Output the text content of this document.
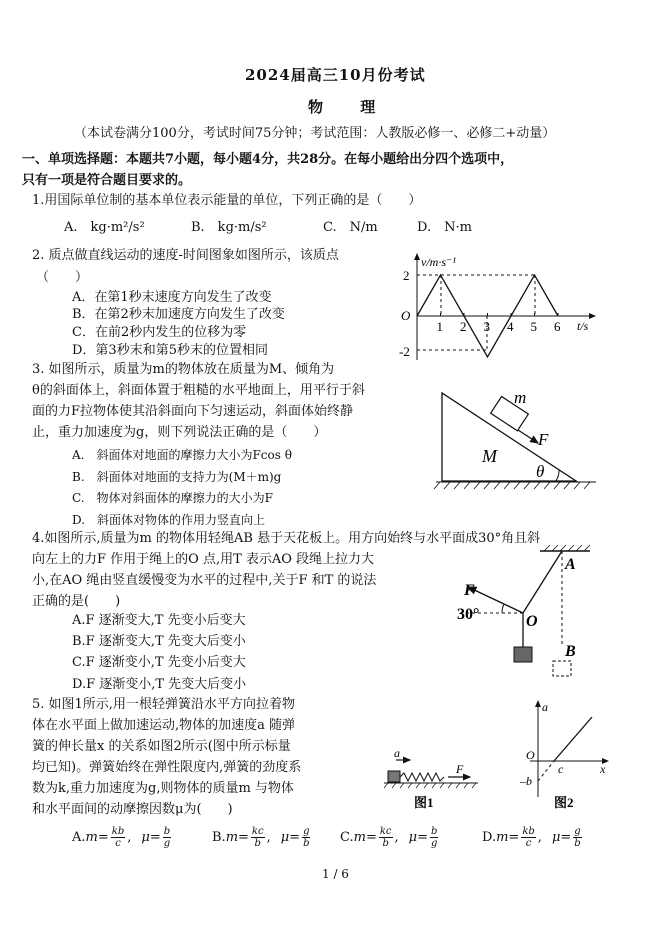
2024届高三10月份考试
物 理
（本试卷满分100分，考试时间75分钟；考试范围：人教版必修一、必修二+动量）
一、单项选择题：本题共7小题，每小题4分，共28分。在每小题给出分四个选项中，
只有一项是符合题目要求的。
1.用国际单位制的基本单位表示能量的单位，下列正确的是（　　）
A.　kg·m²/s²	B.　kg·m/s²	C.　N/m	D.　N·m
2. 质点做直线运动的速度-时间图象如图所示，该质点
（　　）
A．在第1秒末速度方向发生了改变
B．在第2秒末加速度方向发生了改变
C．在前2秒内发生的位移为零
D．第3秒末和第5秒末的位置相同
v/m·s⁻¹
t/s
O
2
-2
1 2 3 4 5 6
3. 如图所示，质量为m的物体放在质量为M、倾角为
θ的斜面体上，斜面体置于粗糙的水平地面上，用平行于斜
面的力F拉物体使其沿斜面向下匀速运动，斜面体始终静
止，重力加速度为g，则下列说法正确的是（　　）
A.　斜面体对地面的摩擦力大小为Fcos θ
B.　斜面体对地面的支持力为(M＋m)g
C.　物体对斜面体的摩擦力的大小为F
D.　斜面体对物体的作用力竖直向上
m
F
M
θ
4.如图所示,质量为m 的物体用轻绳AB 悬于天花板上。用方向始终与水平面成30°角且斜
向左上的力F 作用于绳上的O 点,用T 表示AO 段绳上拉力大
小,在AO 绳由竖直缓慢变为水平的过程中,关于F 和T 的说法
正确的是(　　)
A.F 逐渐变大,T 先变小后变大
B.F 逐渐变大,T 先变大后变小
C.F 逐渐变小,T 先变小后变大
D.F 逐渐变小,T 先变大后变小
F
30°	O
A
B
5. 如图1所示,用一根轻弹簧沿水平方向拉着物
体在水平面上做加速运动,物体的加速度a 随弹
簧的伸长量x 的关系如图2所示(图中所示标量
均已知)。弹簧始终在弹性限度内,弹簧的劲度系
数为k,重力加速度为g,则物体的质量m 与物体
和水平面间的动摩擦因数μ为(　　)
a
F
图1
a
x
O
c
–b
图2
$A.m= \frac{kb}{c}$ , $\mu= \frac{b}{g}$	$B.m= \frac{kc}{b}$ , $\mu= \frac{g}{b} C.m= \frac{kc}{b}$ , $\mu= \frac{b}{g}$	$D.m= \frac{kb}{c}$ , $\mu= \frac{g}{b}$
1 / 6
